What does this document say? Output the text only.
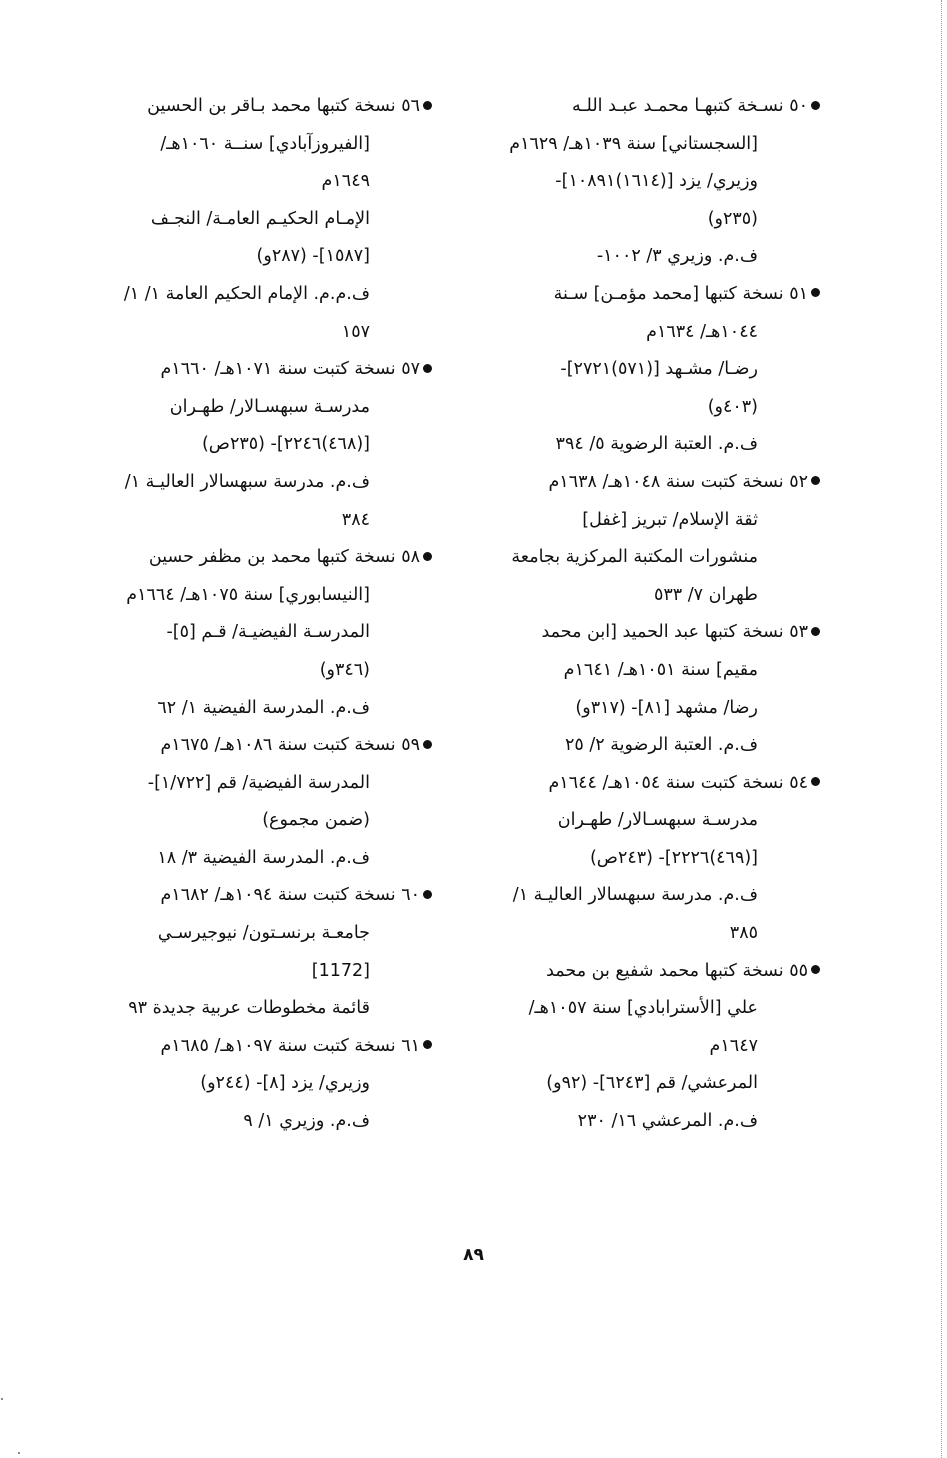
٥٠ نسـخة كتبهـا محمـد عبـد اللـه
[السجستاني] سنة ١٠٣٩هـ/ ١٦٢٩م
وزيري/ يزد [(١٦١٤)١٠٨٩١]-
(٢٣٥و)
ف.م. وزيري ٣/ ١٠٠٢-
٥١ نسخة كتبها [محمد مؤمـن] سـنة
١٠٤٤هـ/ ١٦٣٤م
رضـا/ مشـهد [(٥٧١)٢٧٢١]-
(٤٠٣و)
ف.م. العتبة الرضوية ٥/ ٣٩٤
٥٢ نسخة كتبت سنة ١٠٤٨هـ/ ١٦٣٨م
ثقة الإسلام/ تبريز [غفل]
منشورات المكتبة المركزية بجامعة
طهران ٧/ ٥٣٣
٥٣ نسخة كتبها عبد الحميد [ابن محمد
مقيم] سنة ١٠٥١هـ/ ١٦٤١م
رضا/ مشهد [٨١]- (٣١٧و)
ف.م. العتبة الرضوية ٢/ ٢٥
٥٤ نسخة كتبت سنة ١٠٥٤هـ/ ١٦٤٤م
مدرسـة سبهسـالار/ طهـران
[(٤٦٩)٢٢٢٦]- (٢٤٣ص)
ف.م. مدرسة سبهسالار العاليـة ١/
٣٨٥
٥٥ نسخة كتبها محمد شفيع بن محمد
علي [الأسترابادي] سنة ١٠٥٧هـ/
١٦٤٧م
المرعشي/ قم [٦٢٤٣]- (٩٢و)
ف.م. المرعشي ١٦/ ٢٣٠
٥٦ نسخة كتبها محمد بـاقر بن الحسين
[الفيروزآبادي] سنــة ١٠٦٠هـ/
١٦٤٩م
الإمـام الحكيـم العامـة/ النجـف
[١٥٨٧]- (٢٨٧و)
ف.م.م. الإمام الحكيم العامة ١/ ١/
١٥٧
٥٧ نسخة كتبت سنة ١٠٧١هـ/ ١٦٦٠م
مدرسـة سبهسـالار/ طهـران
[(٤٦٨)٢٢٤٦]- (٢٣٥ص)
ف.م. مدرسة سبهسالار العاليـة ١/
٣٨٤
٥٨ نسخة كتبها محمد بن مظفر حسين
[النيسابوري] سنة ١٠٧٥هـ/ ١٦٦٤م
المدرسـة الفيضيـة/ قـم [٥]-
(٣٤٦و)
ف.م. المدرسة الفيضية ١/ ٦٢
٥٩ نسخة كتبت سنة ١٠٨٦هـ/ ١٦٧٥م
المدرسة الفيضية/ قم [١/٧٢٢]-
(ضمن مجموع)
ف.م. المدرسة الفيضية ٣/ ١٨
٦٠ نسخة كتبت سنة ١٠٩٤هـ/ ١٦٨٢م
جامعـة برنسـتون/ نيوجيرسـي
[1172]
قائمة مخطوطات عربية جديدة ٩٣
٦١ نسخة كتبت سنة ١٠٩٧هـ/ ١٦٨٥م
وزيري/ يزد [٨]- (٢٤٤و)
ف.م. وزيري ١/ ٩
٨٩
